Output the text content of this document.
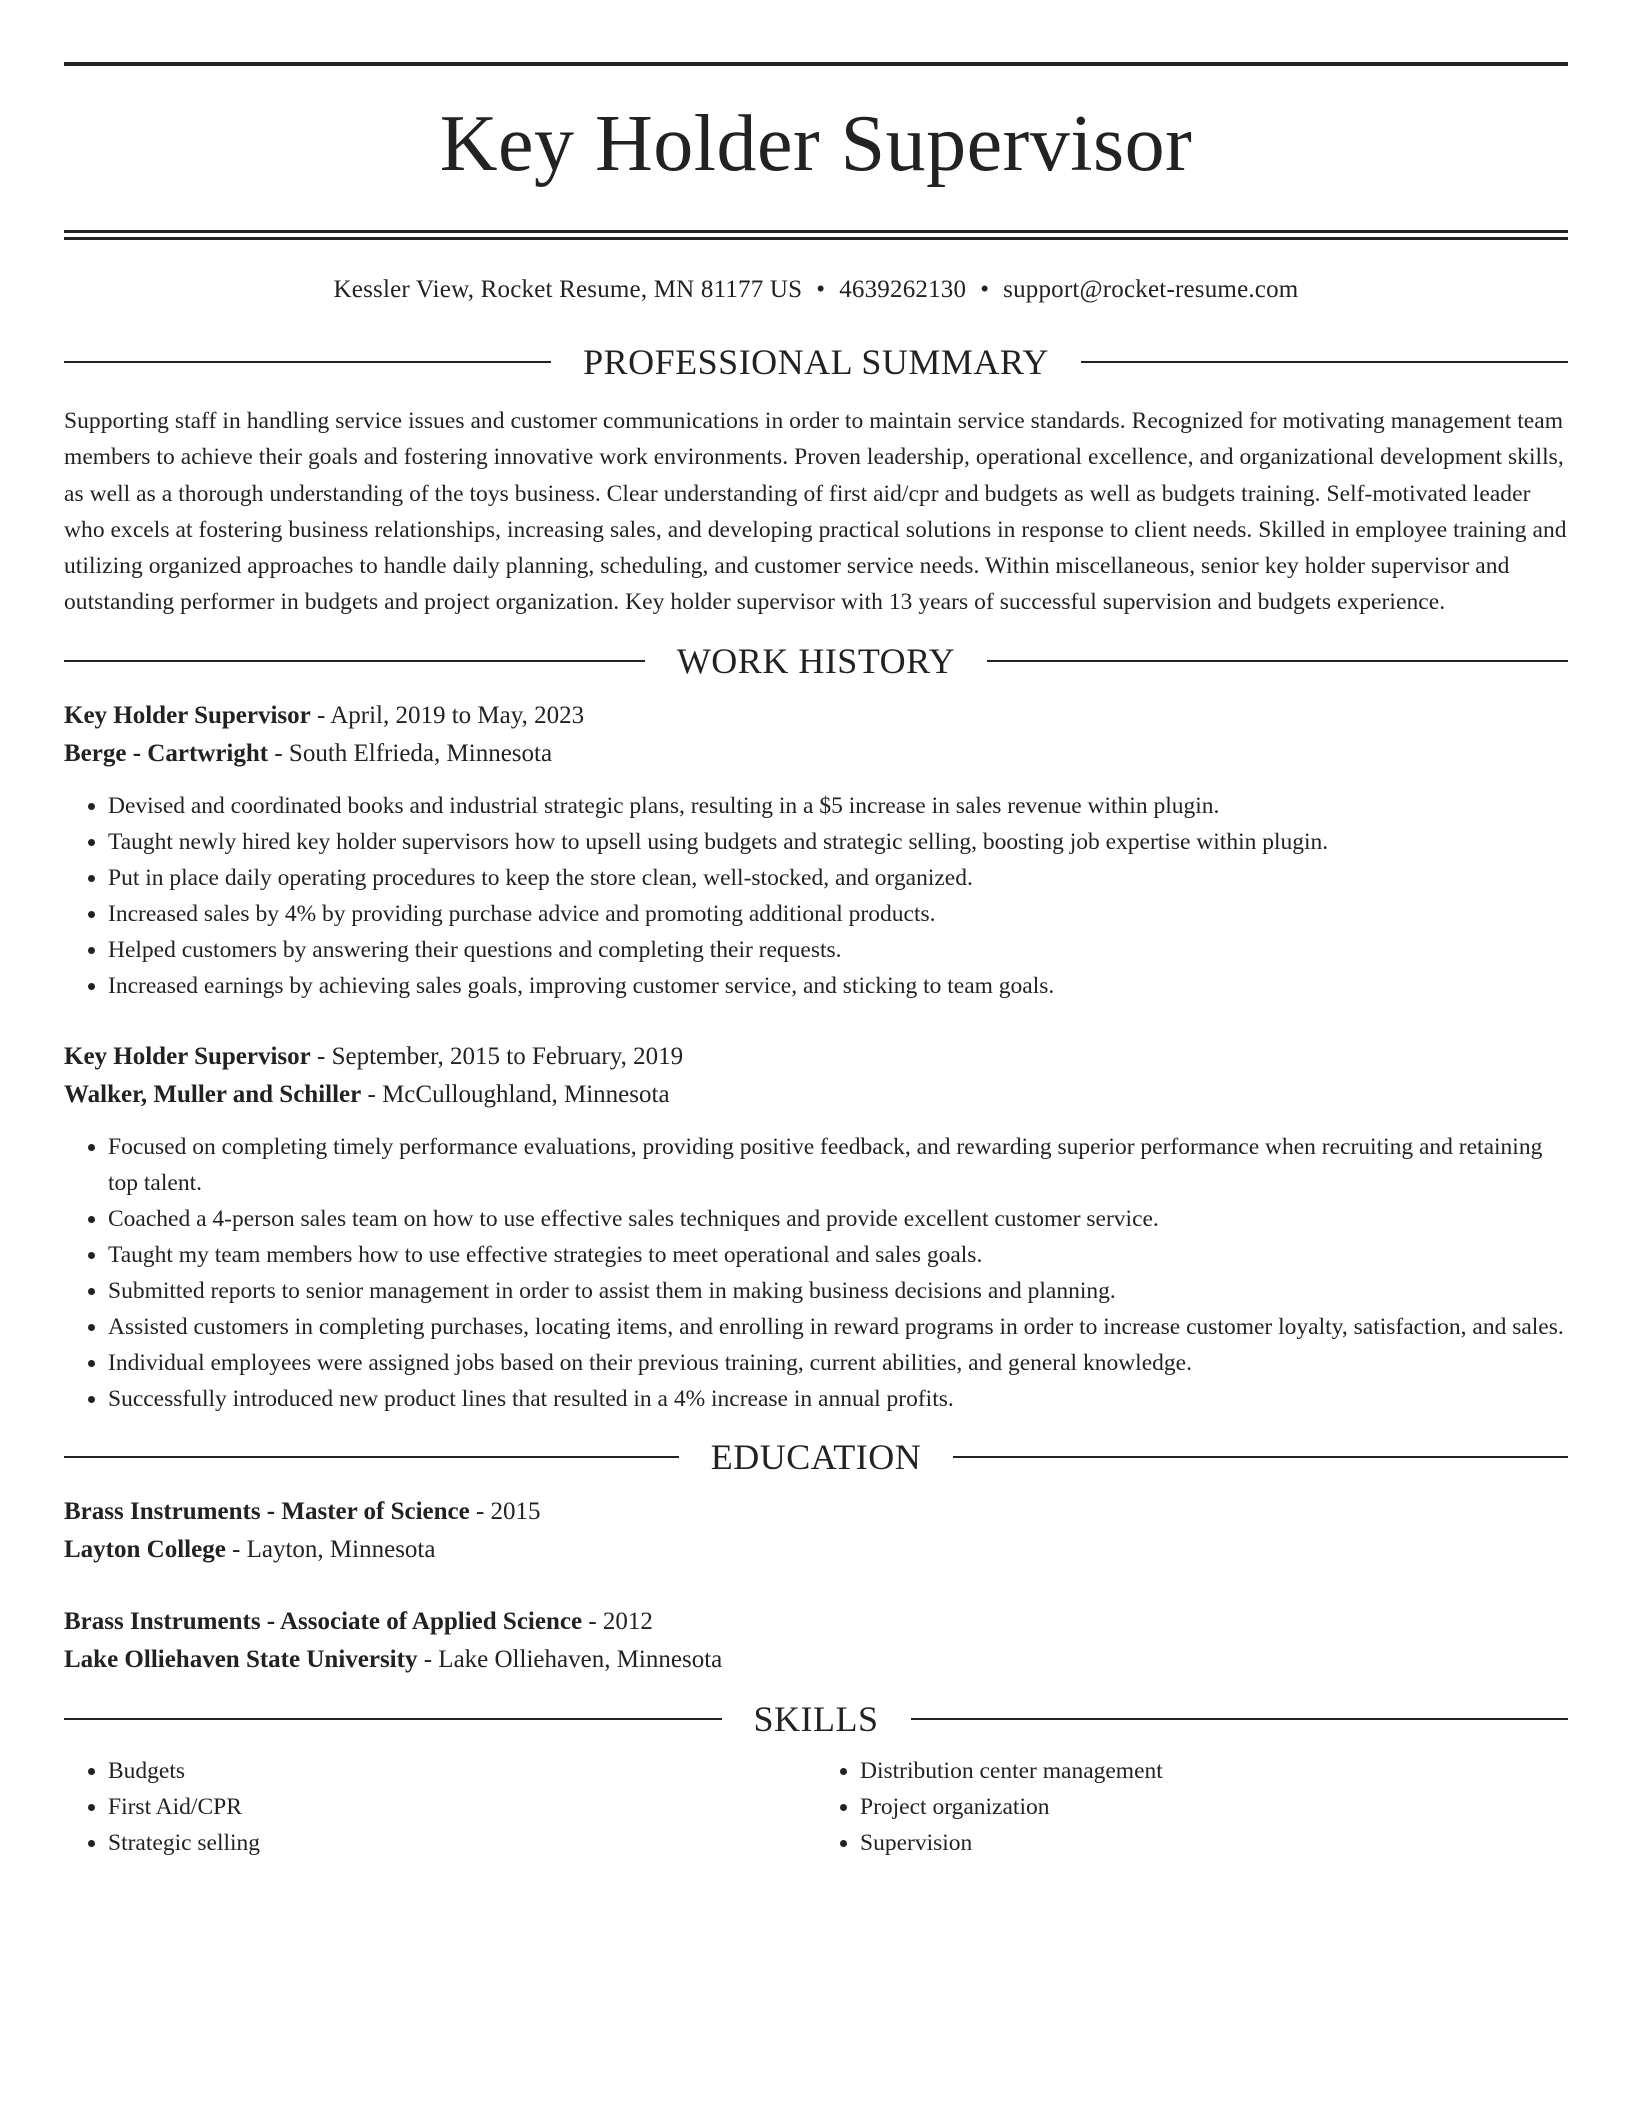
Key Holder Supervisor
Kessler View, Rocket Resume, MN 81177 US • 4639262130 • support@rocket-resume.com
PROFESSIONAL SUMMARY

Supporting staff in handling service issues and customer communications in order to maintain service standards. Recognized for motivating management team members to achieve their goals and fostering innovative work environments. Proven leadership, operational excellence, and organizational development skills, as well as a thorough understanding of the toys business. Clear understanding of first aid/cpr and budgets as well as budgets training. Self-motivated leader who excels at fostering business relationships, increasing sales, and developing practical solutions in response to client needs. Skilled in employee training and utilizing organized approaches to handle daily planning, scheduling, and customer service needs. Within miscellaneous, senior key holder supervisor and outstanding performer in budgets and project organization. Key holder supervisor with 13 years of successful supervision and budgets experience.

WORK HISTORY
Key Holder Supervisor - April, 2019 to May, 2023
Berge - Cartwright - South Elfrieda, Minnesota
• Devised and coordinated books and industrial strategic plans, resulting in a $5 increase in sales revenue within plugin.
• Taught newly hired key holder supervisors how to upsell using budgets and strategic selling, boosting job expertise within plugin.
• Put in place daily operating procedures to keep the store clean, well-stocked, and organized.
• Increased sales by 4% by providing purchase advice and promoting additional products.
• Helped customers by answering their questions and completing their requests.
• Increased earnings by achieving sales goals, improving customer service, and sticking to team goals.
Key Holder Supervisor - September, 2015 to February, 2019
Walker, Muller and Schiller - McCulloughland, Minnesota
• Focused on completing timely performance evaluations, providing positive feedback, and rewarding superior performance when recruiting and retaining top talent.
• Coached a 4-person sales team on how to use effective sales techniques and provide excellent customer service.
• Taught my team members how to use effective strategies to meet operational and sales goals.
• Submitted reports to senior management in order to assist them in making business decisions and planning.
• Assisted customers in completing purchases, locating items, and enrolling in reward programs in order to increase customer loyalty, satisfaction, and sales.
• Individual employees were assigned jobs based on their previous training, current abilities, and general knowledge.
• Successfully introduced new product lines that resulted in a 4% increase in annual profits.
EDUCATION
Brass Instruments - Master of Science - 2015
Layton College - Layton, Minnesota
Brass Instruments - Associate of Applied Science - 2012
Lake Olliehaven State University - Lake Olliehaven, Minnesota
SKILLS
• Budgets
• First Aid/CPR
• Strategic selling
• Distribution center management
• Project organization
• Supervision
